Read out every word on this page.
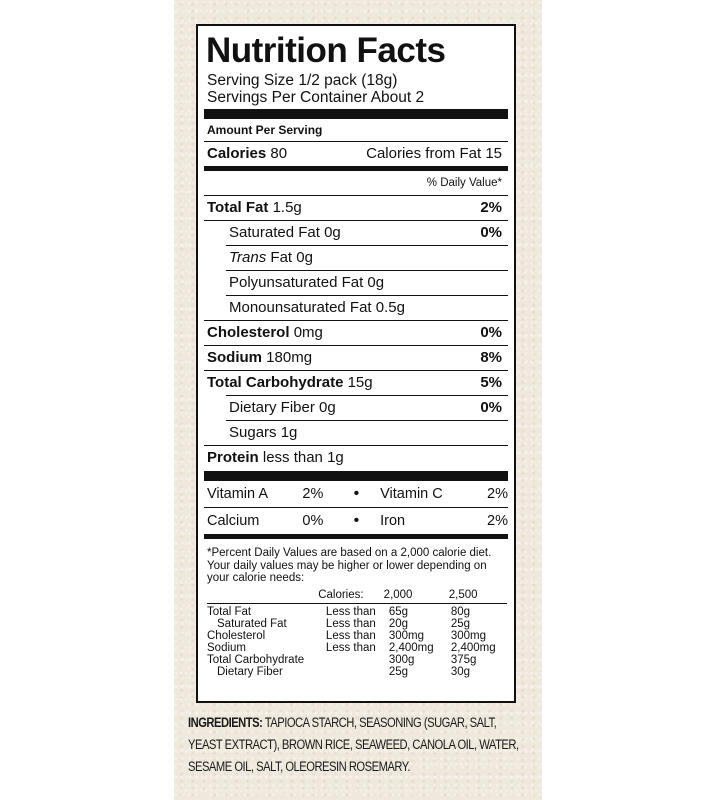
Nutrition Facts
Serving Size 1/2 pack (18g)
Servings Per Container About 2
Amount Per Serving
Calories 80	Calories from Fat 15
% Daily Value*
Total Fat 1.5g	2%
Saturated Fat 0g	0%
Trans Fat 0g
Polyunsaturated Fat 0g
Monounsaturated Fat 0.5g
Cholesterol 0mg	0%
Sodium 180mg	8%
Total Carbohydrate 15g	5%
Dietary Fiber 0g	0%
Sugars 1g
Protein less than 1g
Vitamin A	2%	•	Vitamin C	2%
Calcium	0%	•	Iron	2%
*Percent Daily Values are based on a 2,000 calorie diet. Your daily values may be higher or lower depending on your calorie needs:
	Calories:	2,000	2,500
Total Fat	Less than	65g	80g
Saturated Fat	Less than	20g	25g
Cholesterol	Less than	300mg	300mg
Sodium	Less than	2,400mg	2,400mg
Total Carbohydrate		300g	375g
Dietary Fiber		25g	30g
INGREDIENTS: TAPIOCA STARCH, SEASONING (SUGAR, SALT, YEAST EXTRACT), BROWN RICE, SEAWEED, CANOLA OIL, WATER, SESAME OIL, SALT, OLEORESIN ROSEMARY.
